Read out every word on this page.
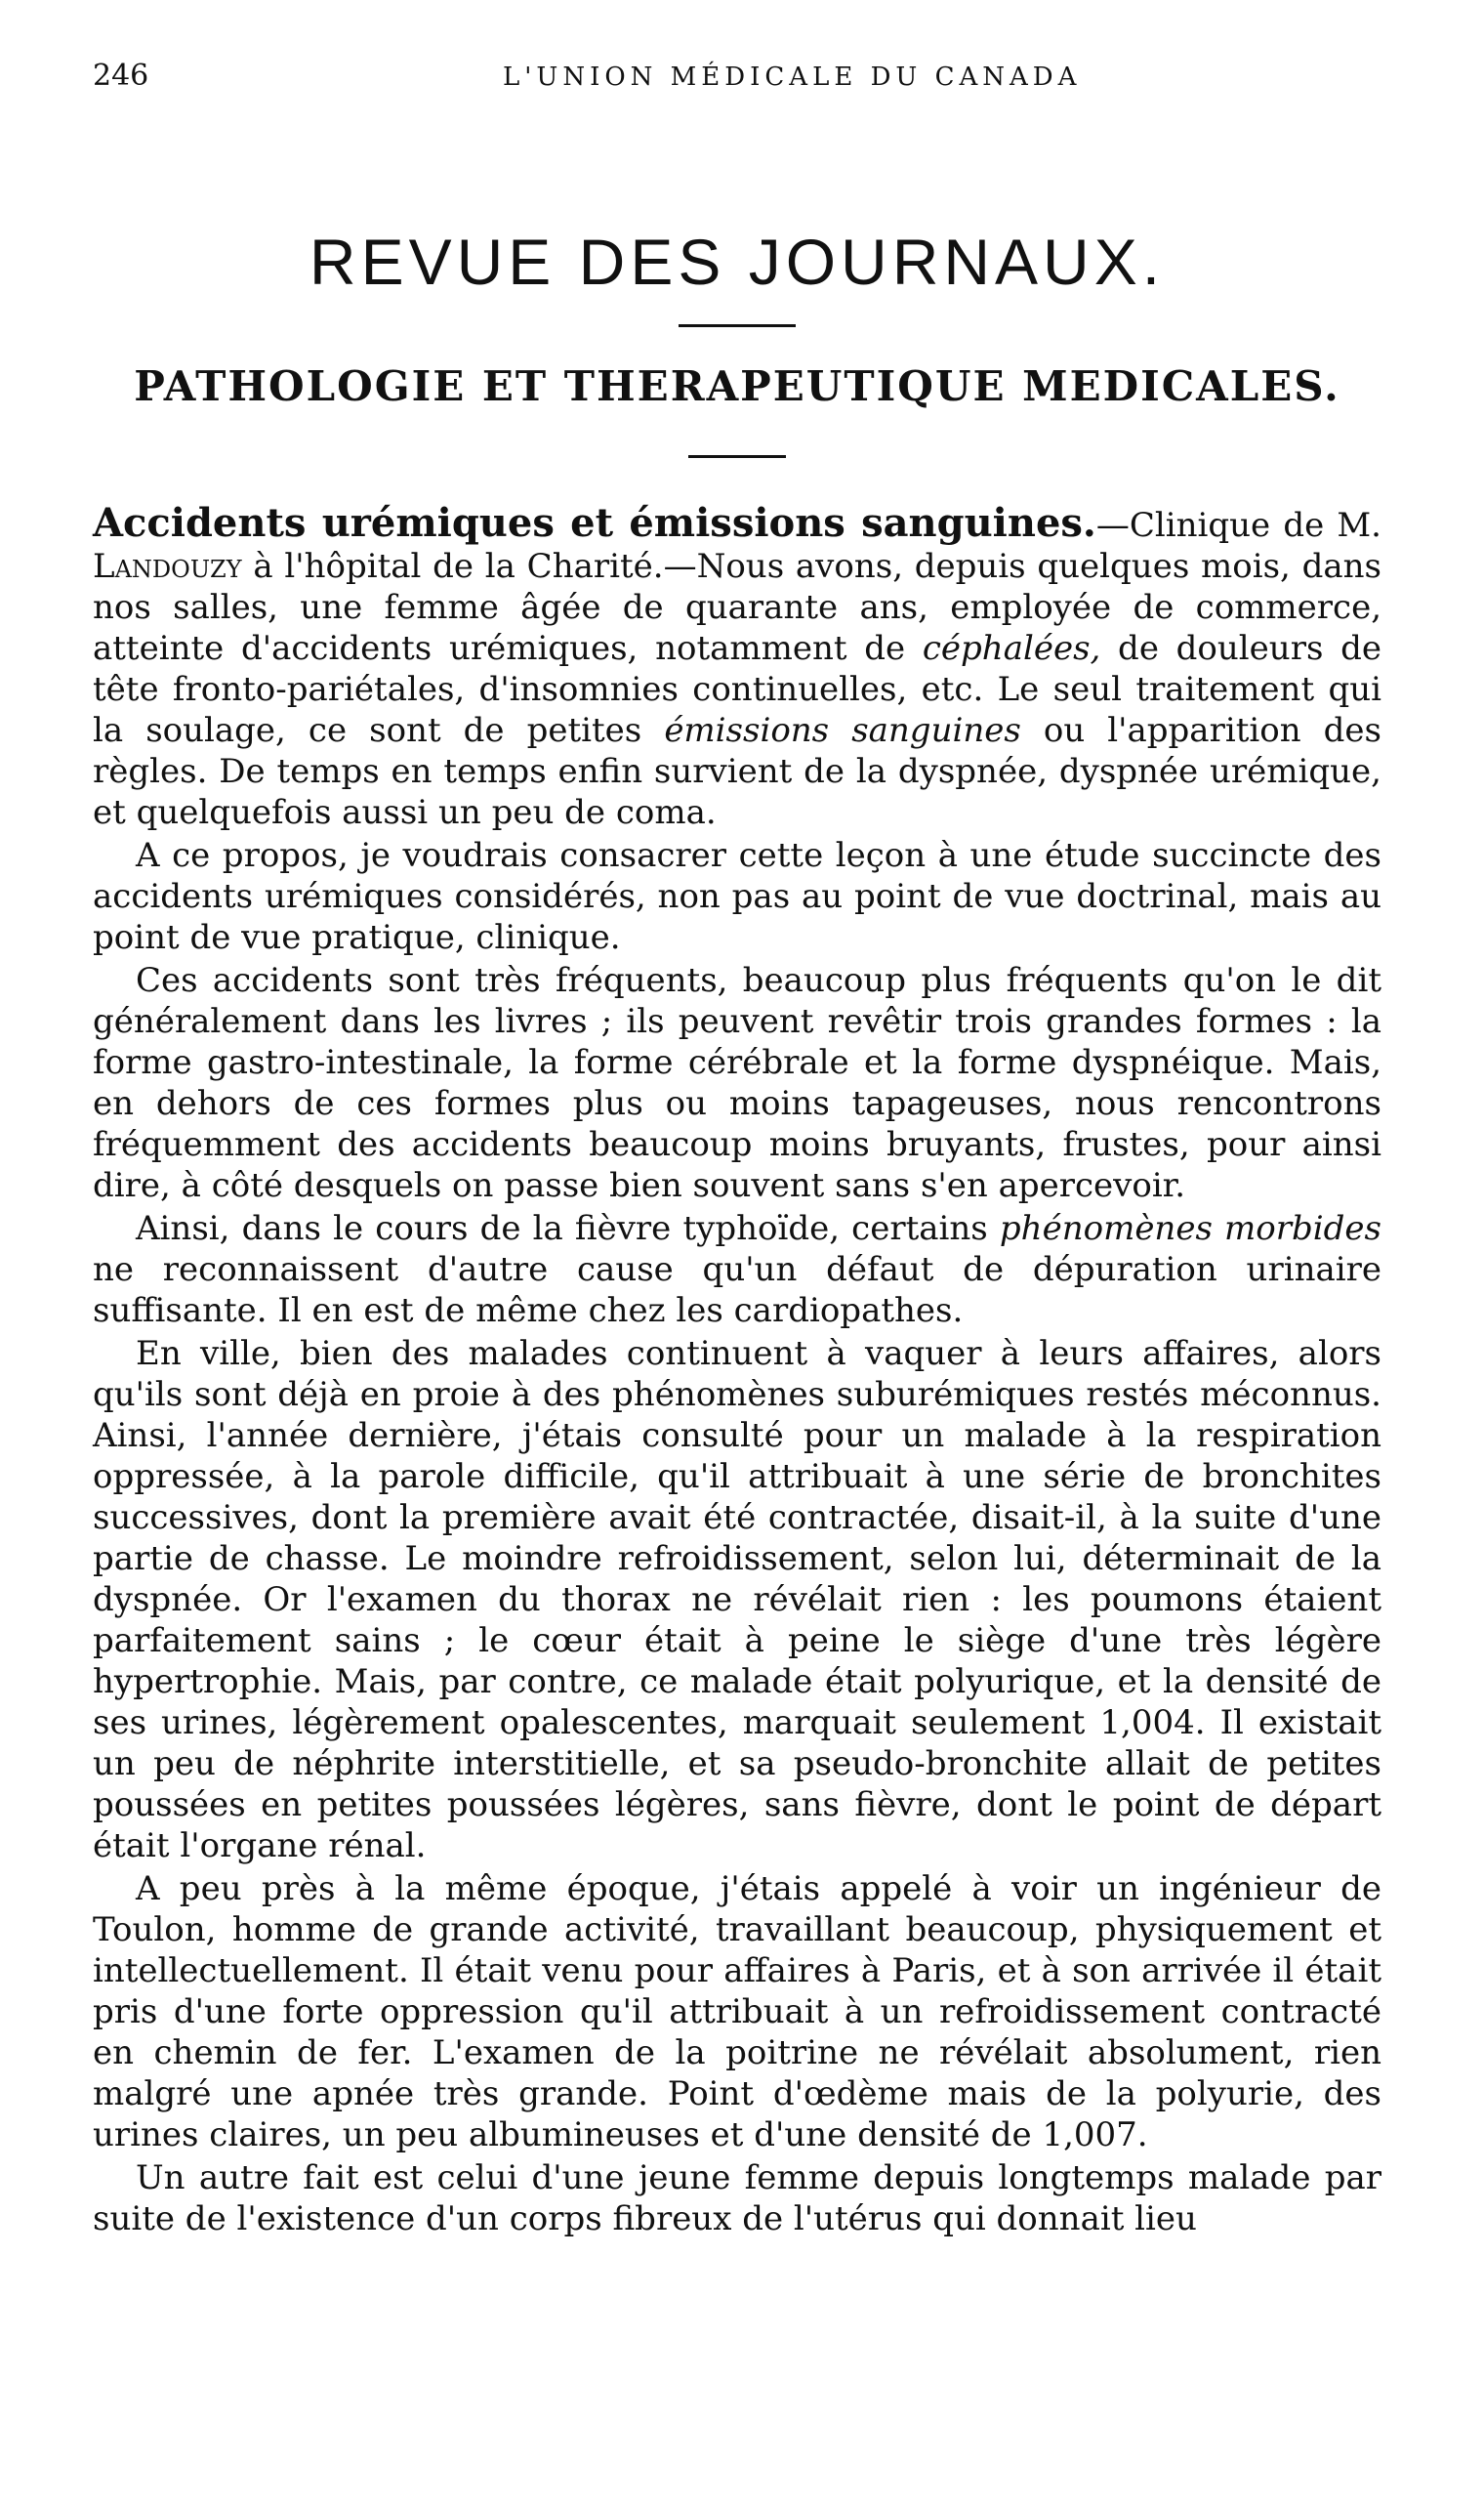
246	L'UNION MÉDICALE DU CANADA
REVUE DES JOURNAUX.
PATHOLOGIE ET THERAPEUTIQUE MEDICALES.

Accidents urémiques et émissions sanguines.—Clinique de M. Landouzy à l'hôpital de la Charité.—Nous avons, depuis quelques mois, dans nos salles, une femme âgée de quarante ans, employée de commerce, atteinte d'accidents urémiques, notamment de céphalées, de douleurs de tête fronto-pariétales, d'insomnies continuelles, etc. Le seul traitement qui la soulage, ce sont de petites émissions sanguines ou l'apparition des règles. De temps en temps enfin survient de la dyspnée, dyspnée urémique, et quelquefois aussi un peu de coma.

A ce propos, je voudrais consacrer cette leçon à une étude succincte des accidents urémiques considérés, non pas au point de vue doctrinal, mais au point de vue pratique, clinique.

Ces accidents sont très fréquents, beaucoup plus fréquents qu'on le dit généralement dans les livres ; ils peuvent revêtir trois grandes formes : la forme gastro-intestinale, la forme cérébrale et la forme dyspnéique. Mais, en dehors de ces formes plus ou moins tapageuses, nous rencontrons fréquemment des accidents beaucoup moins bruyants, frustes, pour ainsi dire, à côté desquels on passe bien souvent sans s'en apercevoir.

Ainsi, dans le cours de la fièvre typhoïde, certains phénomènes morbides ne reconnaissent d'autre cause qu'un défaut de dépuration urinaire suffisante. Il en est de même chez les cardiopathes.

En ville, bien des malades continuent à vaquer à leurs affaires, alors qu'ils sont déjà en proie à des phénomènes suburémiques restés méconnus. Ainsi, l'année dernière, j'étais consulté pour un malade à la respiration oppressée, à la parole difficile, qu'il attribuait à une série de bronchites successives, dont la première avait été contractée, disait-il, à la suite d'une partie de chasse. Le moindre refroidissement, selon lui, déterminait de la dyspnée. Or l'examen du thorax ne révélait rien : les poumons étaient parfaitement sains ; le cœur était à peine le siège d'une très légère hypertrophie. Mais, par contre, ce malade était polyurique, et la densité de ses urines, légèrement opalescentes, marquait seulement 1,004. Il existait un peu de néphrite interstitielle, et sa pseudo-bronchite allait de petites poussées en petites poussées légères, sans fièvre, dont le point de départ était l'organe rénal.

A peu près à la même époque, j'étais appelé à voir un ingénieur de Toulon, homme de grande activité, travaillant beaucoup, physiquement et intellectuellement. Il était venu pour affaires à Paris, et à son arrivée il était pris d'une forte oppression qu'il attribuait à un refroidissement contracté en chemin de fer. L'examen de la poitrine ne révélait absolument, rien malgré une apnée très grande. Point d'œdème mais de la polyurie, des urines claires, un peu albumineuses et d'une densité de 1,007.

Un autre fait est celui d'une jeune femme depuis longtemps malade par suite de l'existence d'un corps fibreux de l'utérus qui donnait lieu
